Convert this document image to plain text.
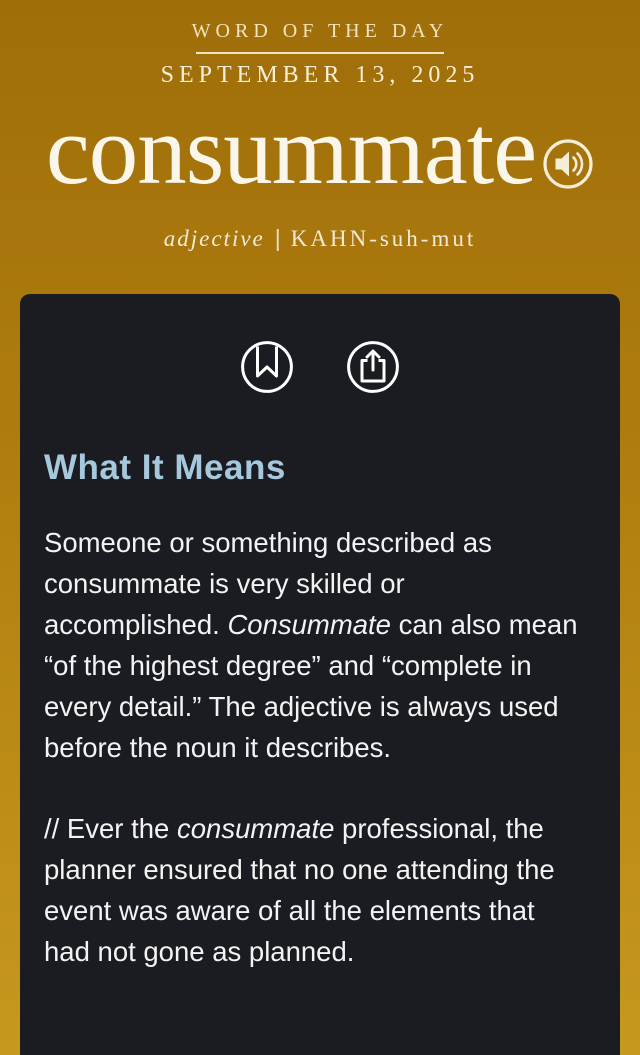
WORD OF THE DAY
SEPTEMBER 13, 2025
consummate
adjective | KAHN-suh-mut
What It Means

Someone or something described as consummate is very skilled or accomplished. Consummate can also mean “of the highest degree” and “complete in every detail.” The adjective is always used before the noun it describes.

// Ever the consummate professional, the planner ensured that no one attending the event was aware of all the elements that had not gone as planned.
